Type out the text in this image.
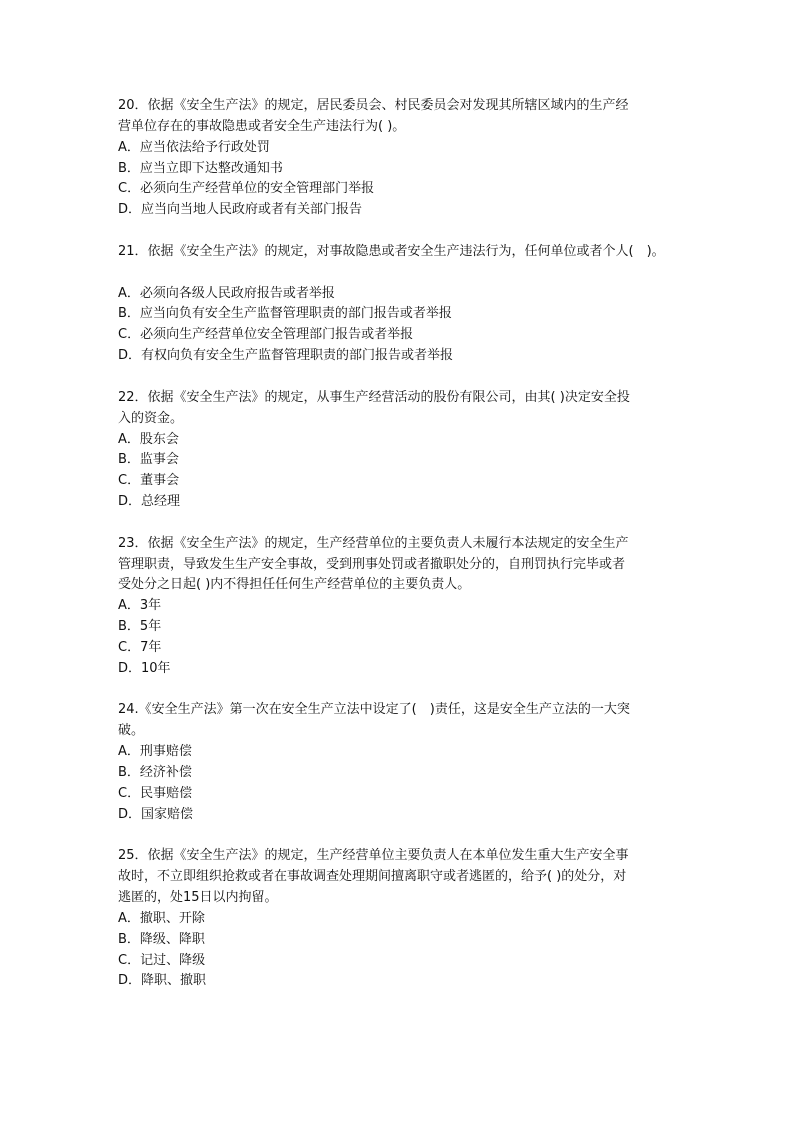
20．依据《安全生产法》的规定，居民委员会、村民委员会对发现其所辖区域内的生产经
营单位存在的事故隐患或者安全生产违法行为( )。
A．应当依法给予行政处罚
B．应当立即下达整改通知书
C．必须向生产经营单位的安全管理部门举报
D．应当向当地人民政府或者有关部门报告
21．依据《安全生产法》的规定，对事故隐患或者安全生产违法行为，任何单位或者个人(　)。
A．必须向各级人民政府报告或者举报
B．应当向负有安全生产监督管理职责的部门报告或者举报
C．必须向生产经营单位安全管理部门报告或者举报
D．有权向负有安全生产监督管理职责的部门报告或者举报
22．依据《安全生产法》的规定，从事生产经营活动的股份有限公司，由其( )决定安全投
入的资金。
A．股东会
B．监事会
C．董事会
D．总经理
23．依据《安全生产法》的规定，生产经营单位的主要负责人未履行本法规定的安全生产
管理职责，导致发生生产安全事故，受到刑事处罚或者撤职处分的，自刑罚执行完毕或者
受处分之日起( )内不得担任任何生产经营单位的主要负责人。
A．3年
B．5年
C．7年
D．10年
24.《安全生产法》第一次在安全生产立法中设定了(　)责任，这是安全生产立法的一大突
破。
A．刑事赔偿
B．经济补偿
C．民事赔偿
D．国家赔偿
25．依据《安全生产法》的规定，生产经营单位主要负责人在本单位发生重大生产安全事
故时，不立即组织抢救或者在事故调查处理期间擅离职守或者逃匿的，给予( )的处分，对
逃匿的，处15日以内拘留。
A．撤职、开除
B．降级、降职
C．记过、降级
D．降职、撤职
